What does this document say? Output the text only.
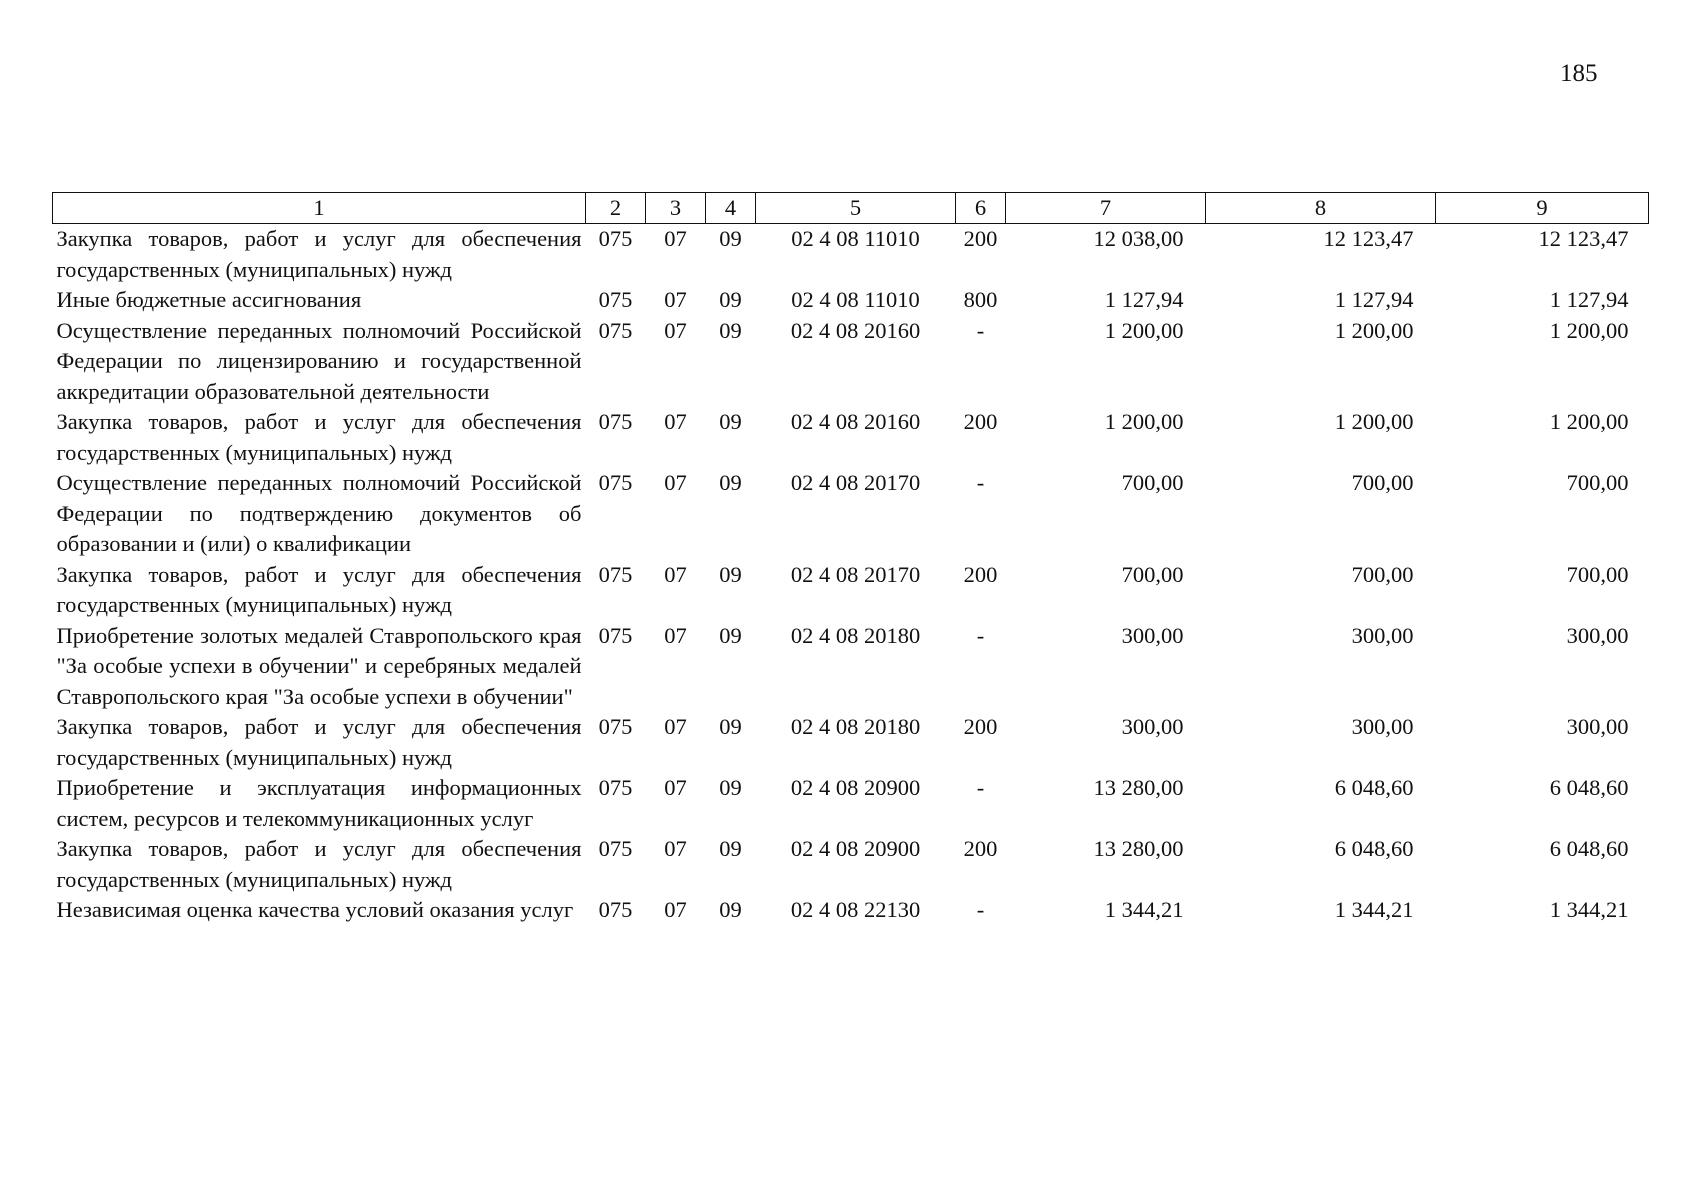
185
1	2	3	4	5	6	7	8	9
Закупка товаров, работ и услуг для обеспечения государственных (муниципальных) нужд	075	07	09	02 4 08 11010	200	12 038,00	12 123,47	12 123,47
Иные бюджетные ассигнования	075	07	09	02 4 08 11010	800	1 127,94	1 127,94	1 127,94
Осуществление переданных полномочий Российской Федерации по лицензированию и государственной аккредитации образовательной деятельности	075	07	09	02 4 08 20160	-	1 200,00	1 200,00	1 200,00
Закупка товаров, работ и услуг для обеспечения государственных (муниципальных) нужд	075	07	09	02 4 08 20160	200	1 200,00	1 200,00	1 200,00
Осуществление переданных полномочий Российской Федерации по подтверждению документов об образовании и (или) о квалификации	075	07	09	02 4 08 20170	-	700,00	700,00	700,00
Закупка товаров, работ и услуг для обеспечения государственных (муниципальных) нужд	075	07	09	02 4 08 20170	200	700,00	700,00	700,00
Приобретение золотых медалей Ставропольского края "За особые успехи в обучении" и серебряных медалей Ставропольского края "За особые успехи в обучении"	075	07	09	02 4 08 20180	-	300,00	300,00	300,00
Закупка товаров, работ и услуг для обеспечения государственных (муниципальных) нужд	075	07	09	02 4 08 20180	200	300,00	300,00	300,00
Приобретение и эксплуатация информационных систем, ресурсов и телекоммуникационных услуг	075	07	09	02 4 08 20900	-	13 280,00	6 048,60	6 048,60
Закупка товаров, работ и услуг для обеспечения государственных (муниципальных) нужд	075	07	09	02 4 08 20900	200	13 280,00	6 048,60	6 048,60
Независимая оценка качества условий оказания услуг	075	07	09	02 4 08 22130	-	1 344,21	1 344,21	1 344,21
